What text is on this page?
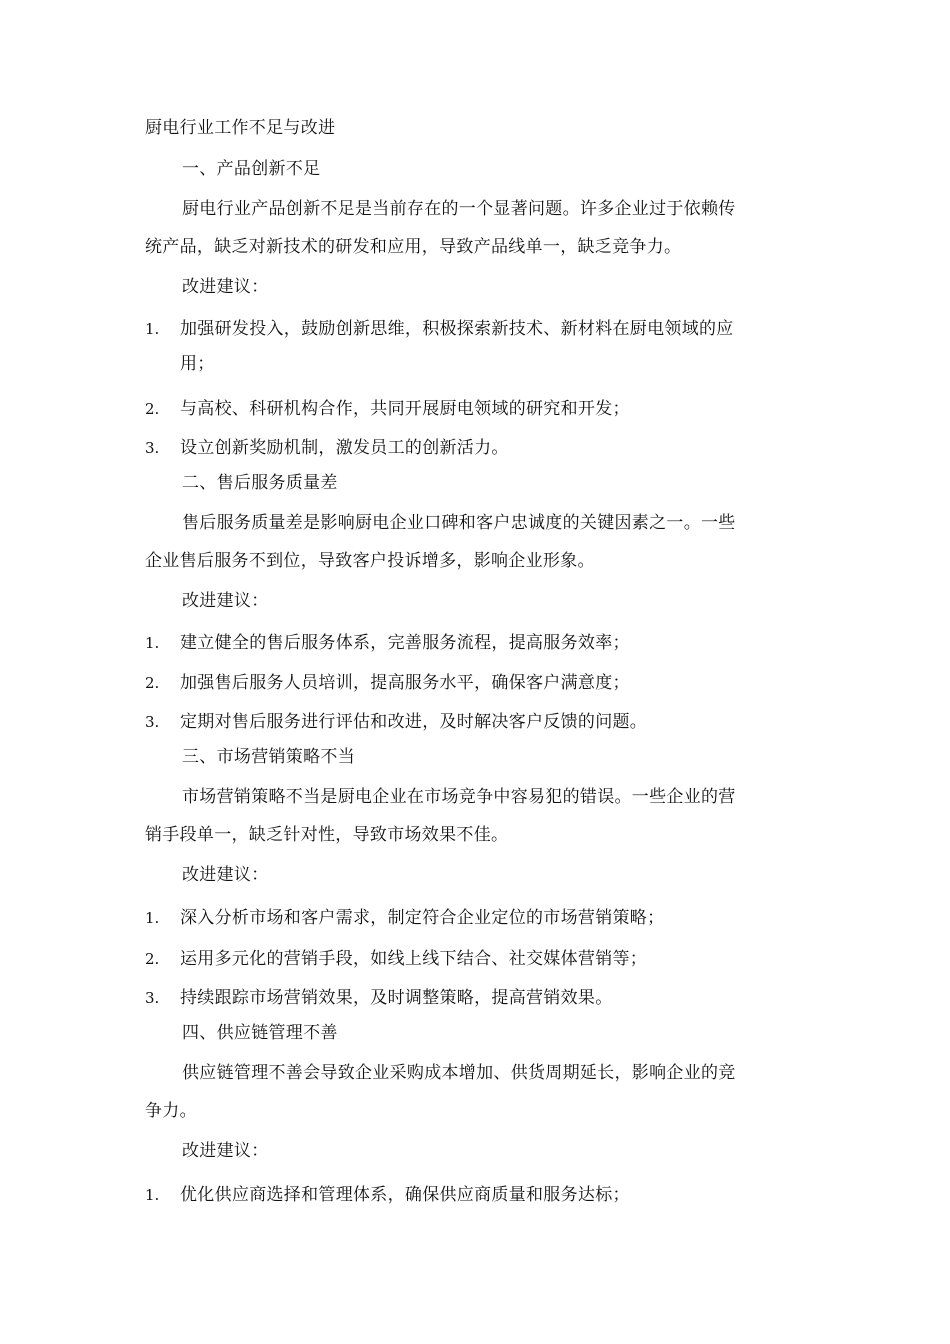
厨电行业工作不足与改进
一、产品创新不足
厨电行业产品创新不足是当前存在的一个显著问题。许多企业过于依赖传
统产品，缺乏对新技术的研发和应用，导致产品线单一，缺乏竞争力。
改进建议：
1. 加强研发投入，鼓励创新思维，积极探索新技术、新材料在厨电领域的应
用；
2. 与高校、科研机构合作，共同开展厨电领域的研究和开发；
3. 设立创新奖励机制，激发员工的创新活力。
二、售后服务质量差
售后服务质量差是影响厨电企业口碑和客户忠诚度的关键因素之一。一些
企业售后服务不到位，导致客户投诉增多，影响企业形象。
改进建议：
1. 建立健全的售后服务体系，完善服务流程，提高服务效率；
2. 加强售后服务人员培训，提高服务水平，确保客户满意度；
3. 定期对售后服务进行评估和改进，及时解决客户反馈的问题。
三、市场营销策略不当
市场营销策略不当是厨电企业在市场竞争中容易犯的错误。一些企业的营
销手段单一，缺乏针对性，导致市场效果不佳。
改进建议：
1. 深入分析市场和客户需求，制定符合企业定位的市场营销策略；
2. 运用多元化的营销手段，如线上线下结合、社交媒体营销等；
3. 持续跟踪市场营销效果，及时调整策略，提高营销效果。
四、供应链管理不善
供应链管理不善会导致企业采购成本增加、供货周期延长，影响企业的竞
争力。
改进建议：
1. 优化供应商选择和管理体系，确保供应商质量和服务达标；
